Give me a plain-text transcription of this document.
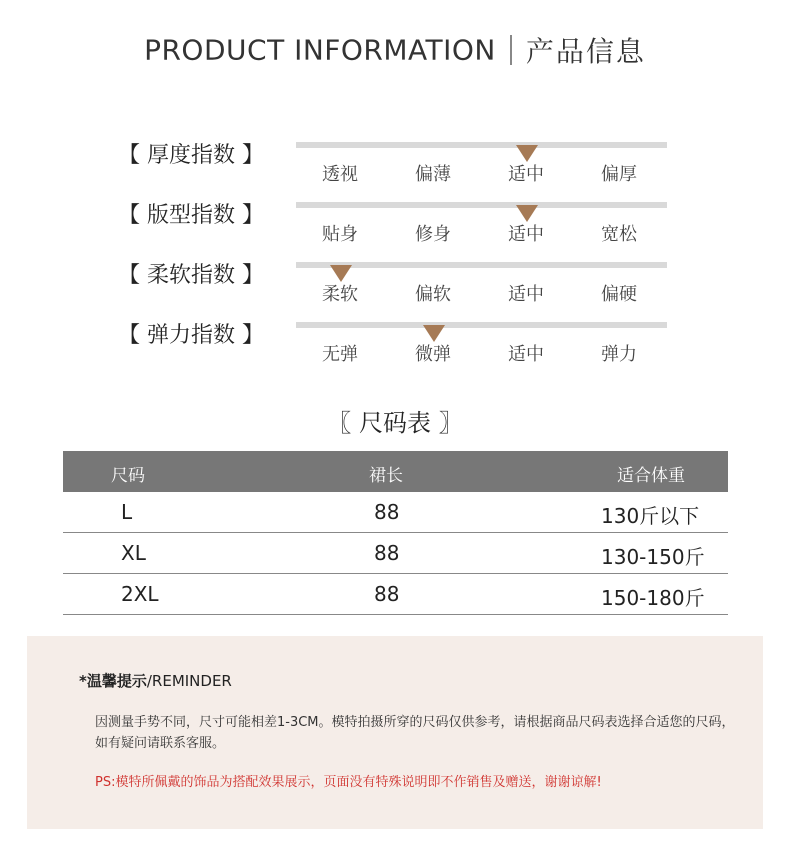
PRODUCT INFORMATION 产品信息
【 厚度指数 】
透视	偏薄	适中	偏厚
【 版型指数 】
贴身	修身	适中	宽松
【 柔软指数 】
柔软	偏软	适中	偏硬
【 弹力指数 】
无弹	微弹	适中	弹力
〖 尺码表 〗
尺码	裙长	适合体重
L	88	130斤以下
XL	88	130-150斤
2XL	88	150-180斤
*温馨提示/REMINDER
因测量手势不同，尺寸可能相差1-3CM。模特拍摄所穿的尺码仅供参考，请根据商品尺码表选择合适您的尺码，如有疑问请联系客服。
PS:模特所佩戴的饰品为搭配效果展示，页面没有特殊说明即不作销售及赠送，谢谢谅解!
